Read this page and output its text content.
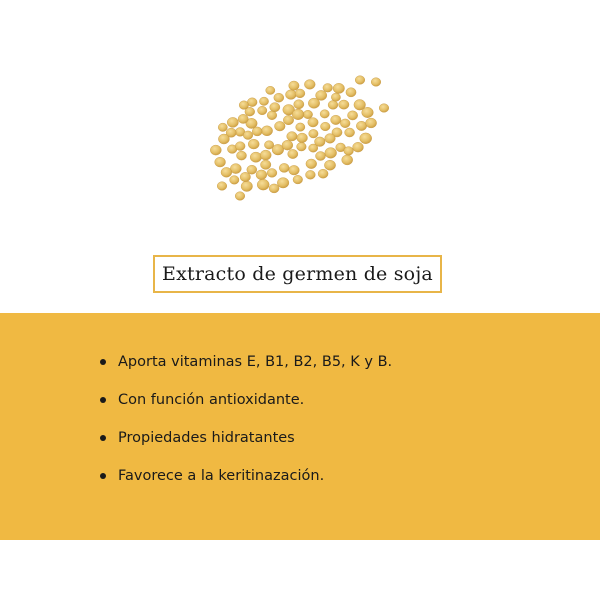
Extracto de germen de soja
Aporta vitaminas E, B1, B2, B5, K y B.
Con función antioxidante.
Propiedades hidratantes
Favorece a la keritinazación.
